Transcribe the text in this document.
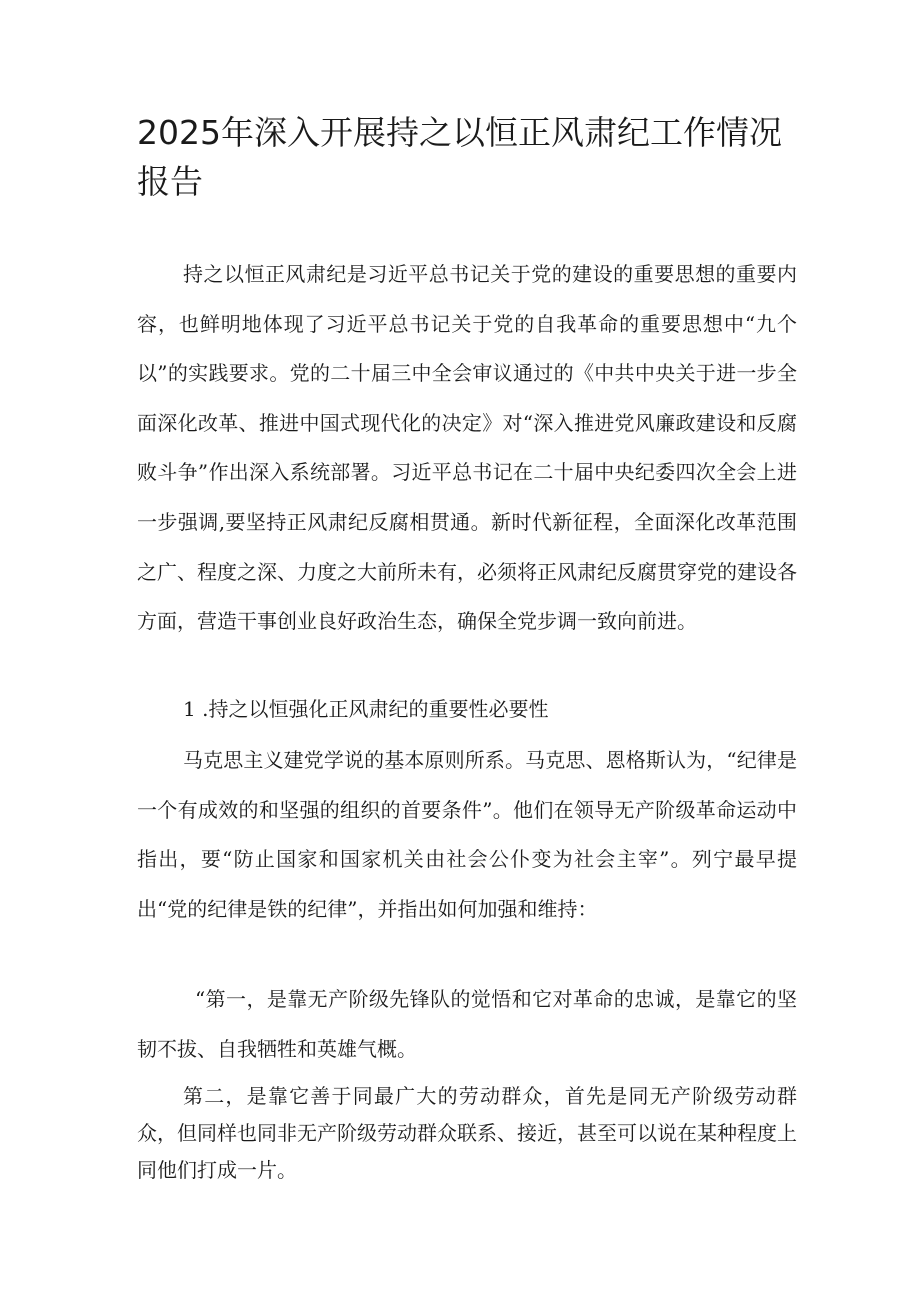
2025年深入开展持之以恒正风肃纪工作情况报告

持之以恒正风肃纪是习近平总书记关于党的建设的重要思想的重要内容，也鲜明地体现了习近平总书记关于党的自我革命的重要思想中“九个以”的实践要求。党的二十届三中全会审议通过的《中共中央关于进一步全面深化改革、推进中国式现代化的决定》对“深入推进党风廉政建设和反腐败斗争”作出深入系统部署。习近平总书记在二十届中央纪委四次全会上进一步强调,要坚持正风肃纪反腐相贯通。新时代新征程，全面深化改革范围之广、程度之深、力度之大前所未有，必须将正风肃纪反腐贯穿党的建设各方面，营造干事创业良好政治生态，确保全党步调一致向前进。

1 .持之以恒强化正风肃纪的重要性必要性

马克思主义建党学说的基本原则所系。马克思、恩格斯认为，“纪律是一个有成效的和坚强的组织的首要条件”。他们在领导无产阶级革命运动中指出，要“防止国家和国家机关由社会公仆变为社会主宰”。列宁最早提出“党的纪律是铁的纪律”，并指出如何加强和维持：

“第一，是靠无产阶级先锋队的觉悟和它对革命的忠诚，是靠它的坚韧不拔、自我牺牲和英雄气概。

第二，是靠它善于同最广大的劳动群众，首先是同无产阶级劳动群众，但同样也同非无产阶级劳动群众联系、接近，甚至可以说在某种程度上同他们打成一片。
